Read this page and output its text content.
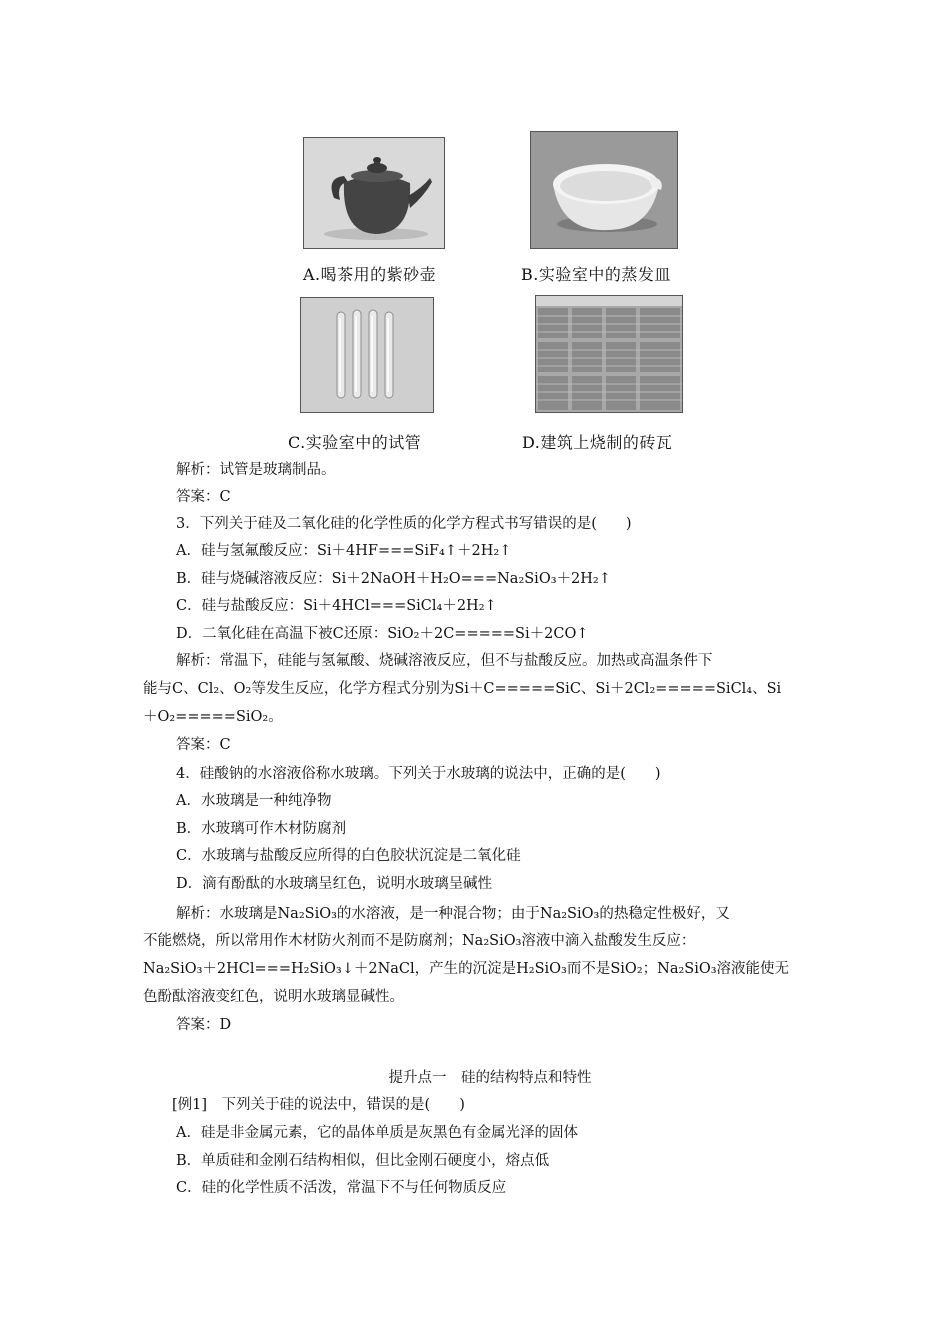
A.喝茶用的紫砂壶	B.实验室中的蒸发皿
C.实验室中的试管	D.建筑上烧制的砖瓦
解析：试管是玻璃制品。
答案：C
3．下列关于硅及二氧化硅的化学性质的化学方程式书写错误的是(　　)
A．硅与氢氟酸反应：Si＋4HF===SiF₄↑＋2H₂↑
B．硅与烧碱溶液反应：Si＋2NaOH＋H₂O===Na₂SiO₃＋2H₂↑
C．硅与盐酸反应：Si＋4HCl===SiCl₄＋2H₂↑
D．二氧化硅在高温下被C还原：SiO₂＋2C=====Si＋2CO↑
解析：常温下，硅能与氢氟酸、烧碱溶液反应，但不与盐酸反应。加热或高温条件下
能与C、Cl₂、O₂等发生反应，化学方程式分别为Si＋C=====SiC、Si＋2Cl₂=====SiCl₄、Si
＋O₂=====SiO₂。
答案：C
4．硅酸钠的水溶液俗称水玻璃。下列关于水玻璃的说法中，正确的是(　　)
A．水玻璃是一种纯净物
B．水玻璃可作木材防腐剂
C．水玻璃与盐酸反应所得的白色胶状沉淀是二氧化硅
D．滴有酚酞的水玻璃呈红色，说明水玻璃呈碱性
解析：水玻璃是Na₂SiO₃的水溶液，是一种混合物；由于Na₂SiO₃的热稳定性极好，又
不能燃烧，所以常用作木材防火剂而不是防腐剂；Na₂SiO₃溶液中滴入盐酸发生反应：
Na₂SiO₃＋2HCl===H₂SiO₃↓＋2NaCl，产生的沉淀是H₂SiO₃而不是SiO₂；Na₂SiO₃溶液能使无
色酚酞溶液变红色，说明水玻璃显碱性。
答案：D
提升点一　硅的结构特点和特性
[例1]　下列关于硅的说法中，错误的是(　　)
A．硅是非金属元素，它的晶体单质是灰黑色有金属光泽的固体
B．单质硅和金刚石结构相似，但比金刚石硬度小，熔点低
C．硅的化学性质不活泼，常温下不与任何物质反应
